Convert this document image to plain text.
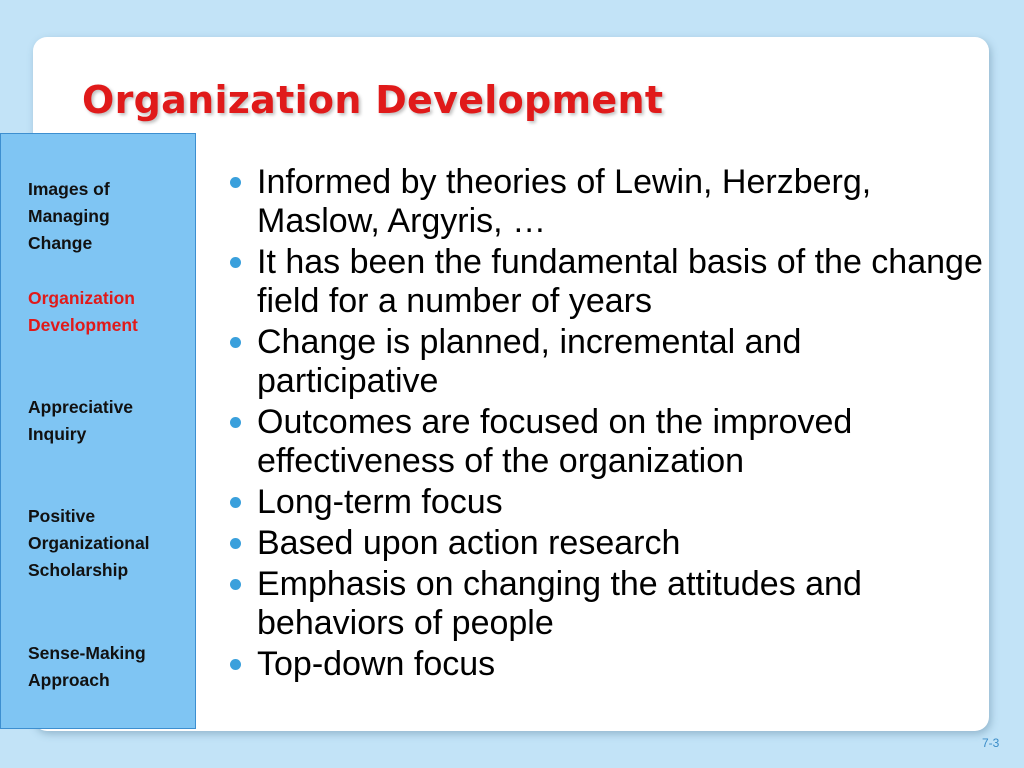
Organization Development
Images of
Managing
Change
Organization
Development
Appreciative
Inquiry
Positive
Organizational
Scholarship
Sense-Making
Approach
Informed by theories of Lewin, Herzberg, Maslow, Argyris, …
It has been the fundamental basis of the change field for a number of years
Change is planned, incremental and participative
Outcomes are focused on the improved effectiveness of the organization
Long-term focus
Based upon action research
Emphasis on changing the attitudes and behaviors of people
Top-down focus
7-3
